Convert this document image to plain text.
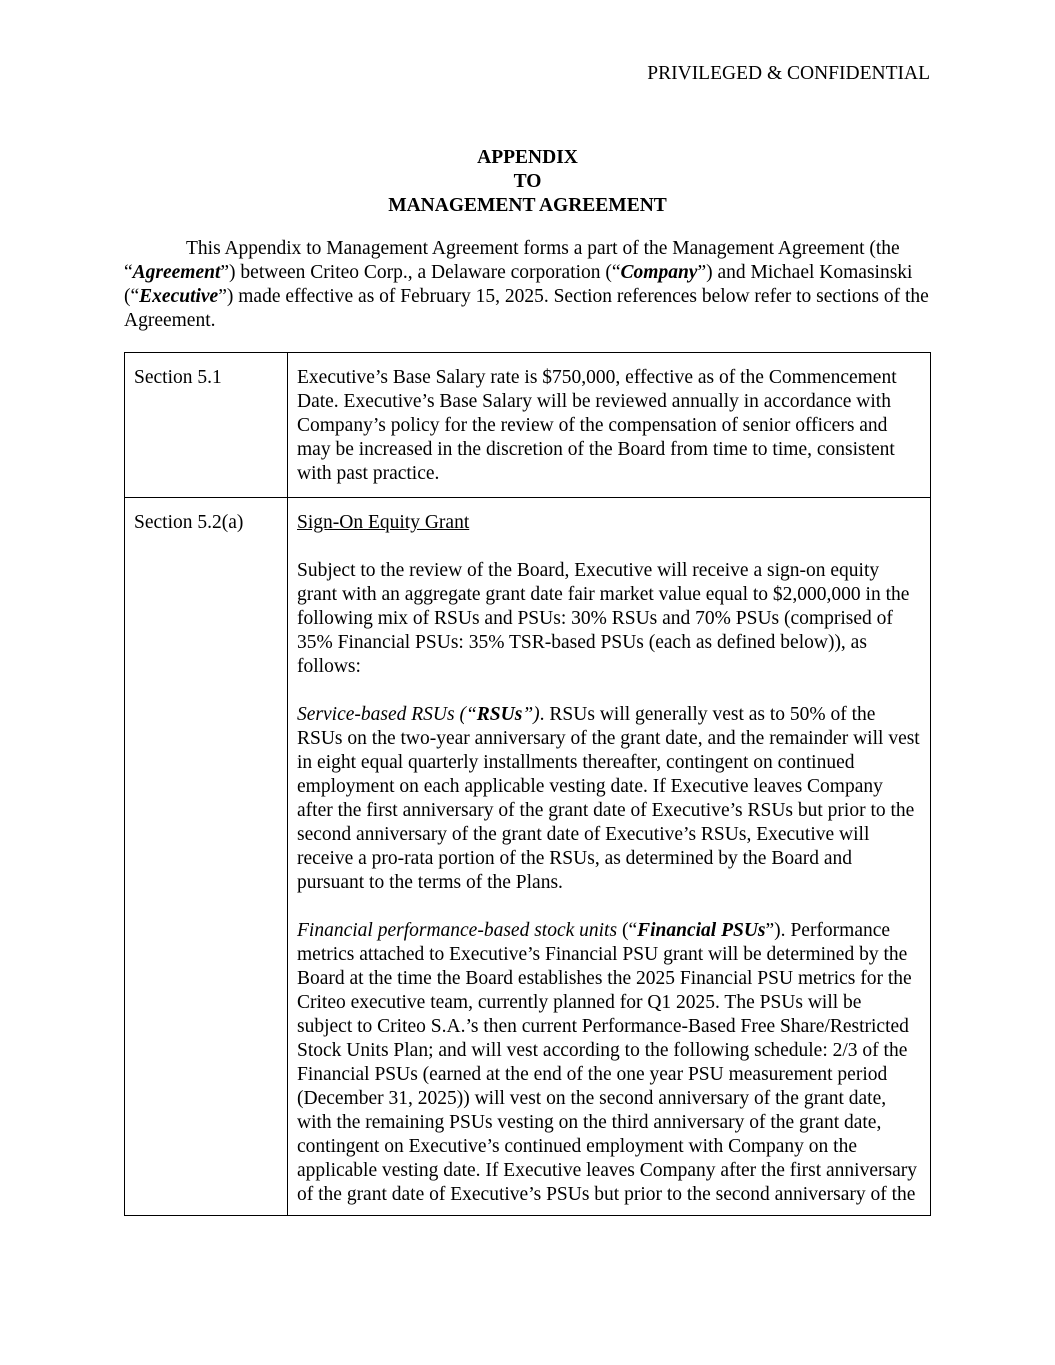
PRIVILEGED & CONFIDENTIAL
APPENDIX
TO
MANAGEMENT AGREEMENT

This Appendix to Management Agreement forms a part of the Management Agreement (the “Agreement”) between Criteo Corp., a Delaware corporation (“Company”) and Michael Komasinski (“Executive”) made effective as of February 15, 2025. Section references below refer to sections of the Agreement.

Section 5.1	Executive’s Base Salary rate is $750,000, effective as of the Commencement Date. Executive’s Base Salary will be reviewed annually in accordance with Company’s policy for the review of the compensation of senior officers and may be increased in the discretion of the Board from time to time, consistent with past practice.

Section 5.2(a)	Sign-On Equity Grant

Subject to the review of the Board, Executive will receive a sign-on equity grant with an aggregate grant date fair market value equal to $2,000,000 in the following mix of RSUs and PSUs: 30% RSUs and 70% PSUs (comprised of 35% Financial PSUs: 35% TSR-based PSUs (each as defined below)), as follows:

Service-based RSUs (“RSUs”). RSUs will generally vest as to 50% of the RSUs on the two-year anniversary of the grant date, and the remainder will vest in eight equal quarterly installments thereafter, contingent on continued employment on each applicable vesting date. If Executive leaves Company after the first anniversary of the grant date of Executive’s RSUs but prior to the second anniversary of the grant date of Executive’s RSUs, Executive will receive a pro-rata portion of the RSUs, as determined by the Board and pursuant to the terms of the Plans.

Financial performance-based stock units (“Financial PSUs”). Performance metrics attached to Executive’s Financial PSU grant will be determined by the Board at the time the Board establishes the 2025 Financial PSU metrics for the Criteo executive team, currently planned for Q1 2025. The PSUs will be subject to Criteo S.A.’s then current Performance-Based Free Share/Restricted Stock Units Plan; and will vest according to the following schedule: 2/3 of the Financial PSUs (earned at the end of the one year PSU measurement period (December 31, 2025)) will vest on the second anniversary of the grant date, with the remaining PSUs vesting on the third anniversary of the grant date, contingent on Executive’s continued employment with Company on the applicable vesting date. If Executive leaves Company after the first anniversary of the grant date of Executive’s PSUs but prior to the second anniversary of the
